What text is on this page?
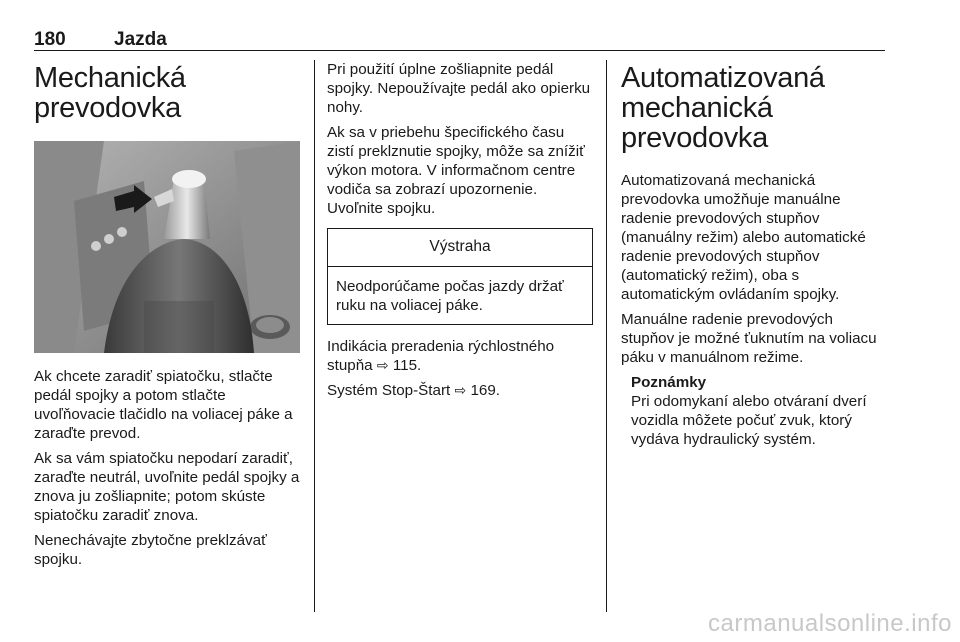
180	Jazda
Mechanická prevodovka

Ak chcete zaradiť spiatočku, stlačte pedál spojky a potom stlačte uvoľňovacie tlačidlo na voliacej páke a zaraďte prevod.

Ak sa vám spiatočku nepodarí zaradiť, zaraďte neutrál, uvoľnite pedál spojky a znova ju zošliapnite; potom skúste spiatočku zaradiť znova.

Nenechávajte zbytočne preklzávať spojku.

Pri použití úplne zošliapnite pedál spojky. Nepoužívajte pedál ako opierku nohy.

Ak sa v priebehu špecifického času zistí preklznutie spojky, môže sa znížiť výkon motora. V informačnom centre vodiča sa zobrazí upozornenie. Uvoľnite spojku.

Výstraha
Neodporúčame počas jazdy držať ruku na voliacej páke.

Indikácia preradenia rýchlostného stupňa ⇨ 115.

Systém Stop-Štart ⇨ 169.

Automatizovaná mechanická prevodovka

Automatizovaná mechanická prevodovka umožňuje manuálne radenie prevodových stupňov (manuálny režim) alebo automatické radenie prevodových stupňov (automatický režim), oba s automatickým ovládaním spojky.

Manuálne radenie prevodových stupňov je možné ťuknutím na voliacu páku v manuálnom režime.

Poznámky
Pri odomykaní alebo otváraní dverí vozidla môžete počuť zvuk, ktorý vydáva hydraulický systém.
carmanualsonline.info
